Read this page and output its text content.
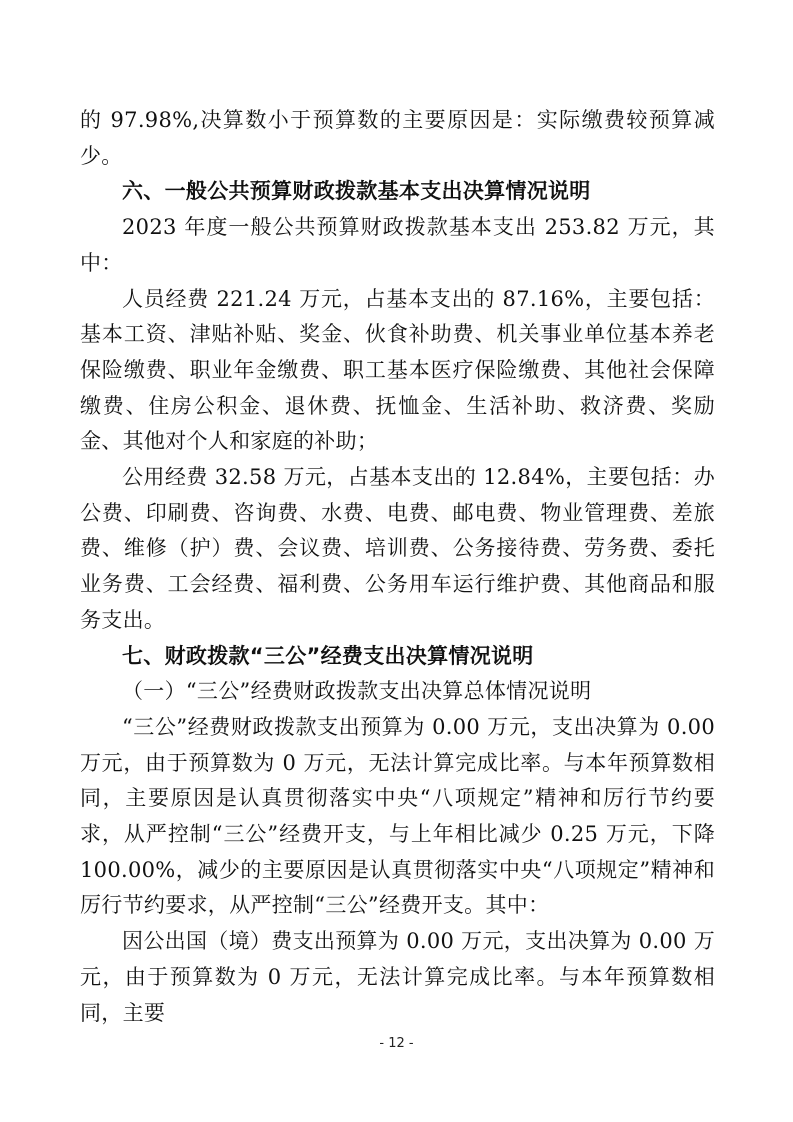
的 97.98%,决算数小于预算数的主要原因是：实际缴费较预算减少。

六、一般公共预算财政拨款基本支出决算情况说明

2023 年度一般公共预算财政拨款基本支出 253.82 万元，其中：

人员经费 221.24 万元，占基本支出的 87.16%，主要包括：基本工资、津贴补贴、奖金、伙食补助费、机关事业单位基本养老保险缴费、职业年金缴费、职工基本医疗保险缴费、其他社会保障缴费、住房公积金、退休费、抚恤金、生活补助、救济费、奖励金、其他对个人和家庭的补助；

公用经费 32.58 万元，占基本支出的 12.84%，主要包括：办公费、印刷费、咨询费、水费、电费、邮电费、物业管理费、差旅费、维修（护）费、会议费、培训费、公务接待费、劳务费、委托业务费、工会经费、福利费、公务用车运行维护费、其他商品和服务支出。

七、财政拨款“三公”经费支出决算情况说明

（一）“三公”经费财政拨款支出决算总体情况说明

“三公”经费财政拨款支出预算为 0.00 万元，支出决算为 0.00 万元，由于预算数为 0 万元，无法计算完成比率。与本年预算数相同，主要原因是认真贯彻落实中央“八项规定”精神和厉行节约要求，从严控制“三公”经费开支，与上年相比减少 0.25 万元，下降 100.00%，减少的主要原因是认真贯彻落实中央“八项规定”精神和厉行节约要求，从严控制“三公”经费开支。其中：

因公出国（境）费支出预算为 0.00 万元，支出决算为 0.00 万元，由于预算数为 0 万元，无法计算完成比率。与本年预算数相同，主要

- 12 -
